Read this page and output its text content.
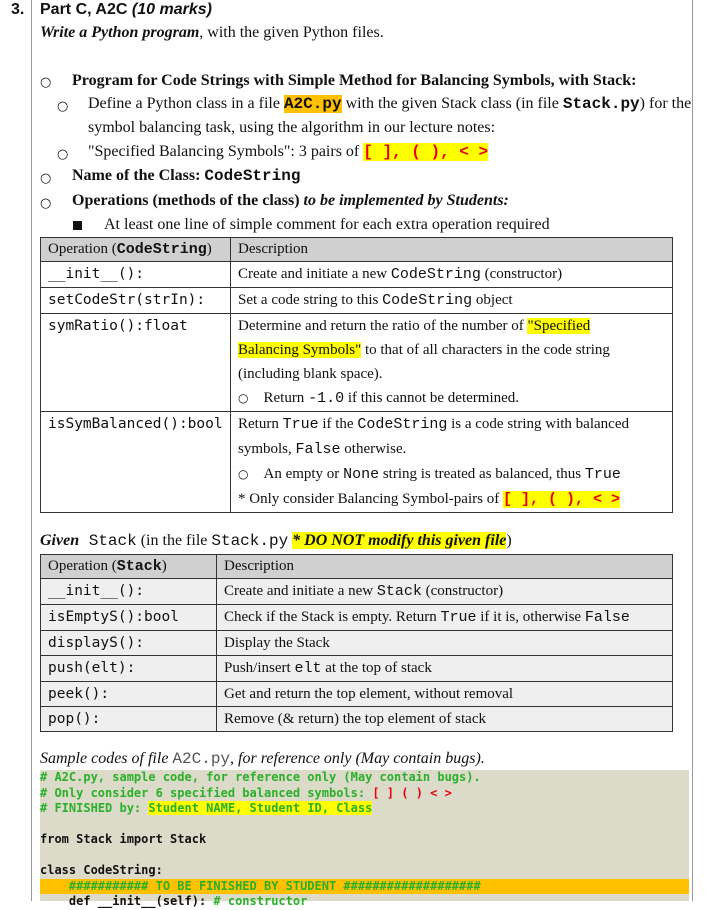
3. Part C, A2C (10 marks)
Write a Python program, with the given Python files.
○ Program for Code Strings with Simple Method for Balancing Symbols, with Stack:
○ Define a Python class in a file A2C.py with the given Stack class (in file Stack.py) for the
symbol balancing task, using the algorithm in our lecture notes:
○ "Specified Balancing Symbols": 3 pairs of [ ], ( ), < >
○ Name of the Class: CodeString
○ Operations (methods of the class) to be implemented by Students:
At least one line of simple comment for each extra operation required
Operation (CodeString)	Description
__init__():	Create and initiate a new CodeString (constructor)
setCodeStr(strIn):	Set a code string to this CodeString object
symRatio():float	Determine and return the ratio of the number of "Specified
Balancing Symbols" to that of all characters in the code string
(including blank space).
○ Return -1.0 if this cannot be determined.

isSymBalanced():bool	Return True if the CodeString is a code string with balanced
symbols, False otherwise.
○ An empty or None string is treated as balanced, thus True
* Only consider Balancing Symbol-pairs of [ ], ( ), < >
Given Stack (in the file Stack.py * DO NOT modify this given file)
Operation (Stack)	Description
__init__():	Create and initiate a new Stack (constructor)
isEmptyS():bool	Check if the Stack is empty. Return True if it is, otherwise False
displayS():	Display the Stack
push(elt):	Push/insert elt at the top of stack
peek():	Get and return the top element, without removal
pop():	Remove (& return) the top element of stack
Sample codes of file A2C.py, for reference only (May contain bugs).
# A2C.py, sample code, for reference only (May contain bugs).
# Only consider 6 specified balanced symbols: [ ] ( ) < >
# FINISHED by: Student NAME, Student ID, Class
from Stack import Stack
class CodeString:
########### TO BE FINISHED BY STUDENT ###################
def __init__(self): # constructor
